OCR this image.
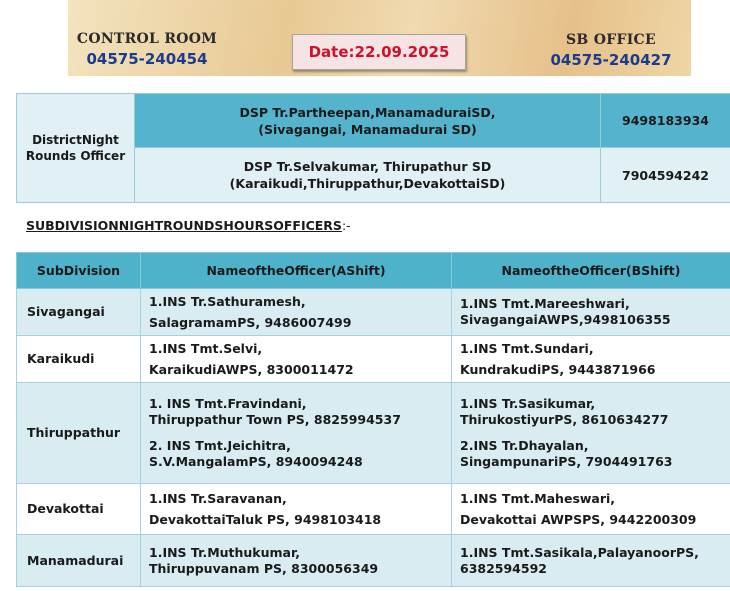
CONTROL ROOM
04575-240454	Date:22.09.2025
SB OFFICE
04575-240427
DistrictNight Rounds Officer	DSP Tr.Partheepan,ManamaduraiSD,
(Sivagangai, Manamadurai SD)	9498183934

	DSP Tr.Selvakumar, Thirupathur SD
(Karaikudi,Thiruppathur,DevakottaiSD)	7904594242
SUBDIVISIONNIGHTROUNDSHOURSOFFICERS:-
SubDivision	NameoftheOfficer(AShift)	NameoftheOfficer(BShift)
Sivagangai	1.INS Tr.Sathuramesh,
SalagramamPS, 9486007499	1.INS Tmt.Mareeshwari,
SivagangaiAWPS,9498106355

Karaikudi	1.INS Tmt.Selvi,
KaraikudiAWPS, 8300011472	1.INS Tmt.Sundari,
KundrakudiPS, 9443871966

Thiruppathur	1. INS Tmt.Fravindani,
Thiruppathur Town PS, 8825994537
2. INS Tmt.Jeichitra,
S.V.MangalamPS, 8940094248	1.INS Tr.Sasikumar,
ThirukostiyurPS, 8610634277
2.INS Tr.Dhayalan,
SingampunariPS, 7904491763

Devakottai	1.INS Tr.Saravanan,
DevakottaiTaluk PS, 9498103418	1.INS Tmt.Maheswari,
Devakottai AWPSPS, 9442200309

Manamadurai	1.INS Tr.Muthukumar,
Thiruppuvanam PS, 8300056349	1.INS Tmt.Sasikala,PalayanoorPS,
6382594592
